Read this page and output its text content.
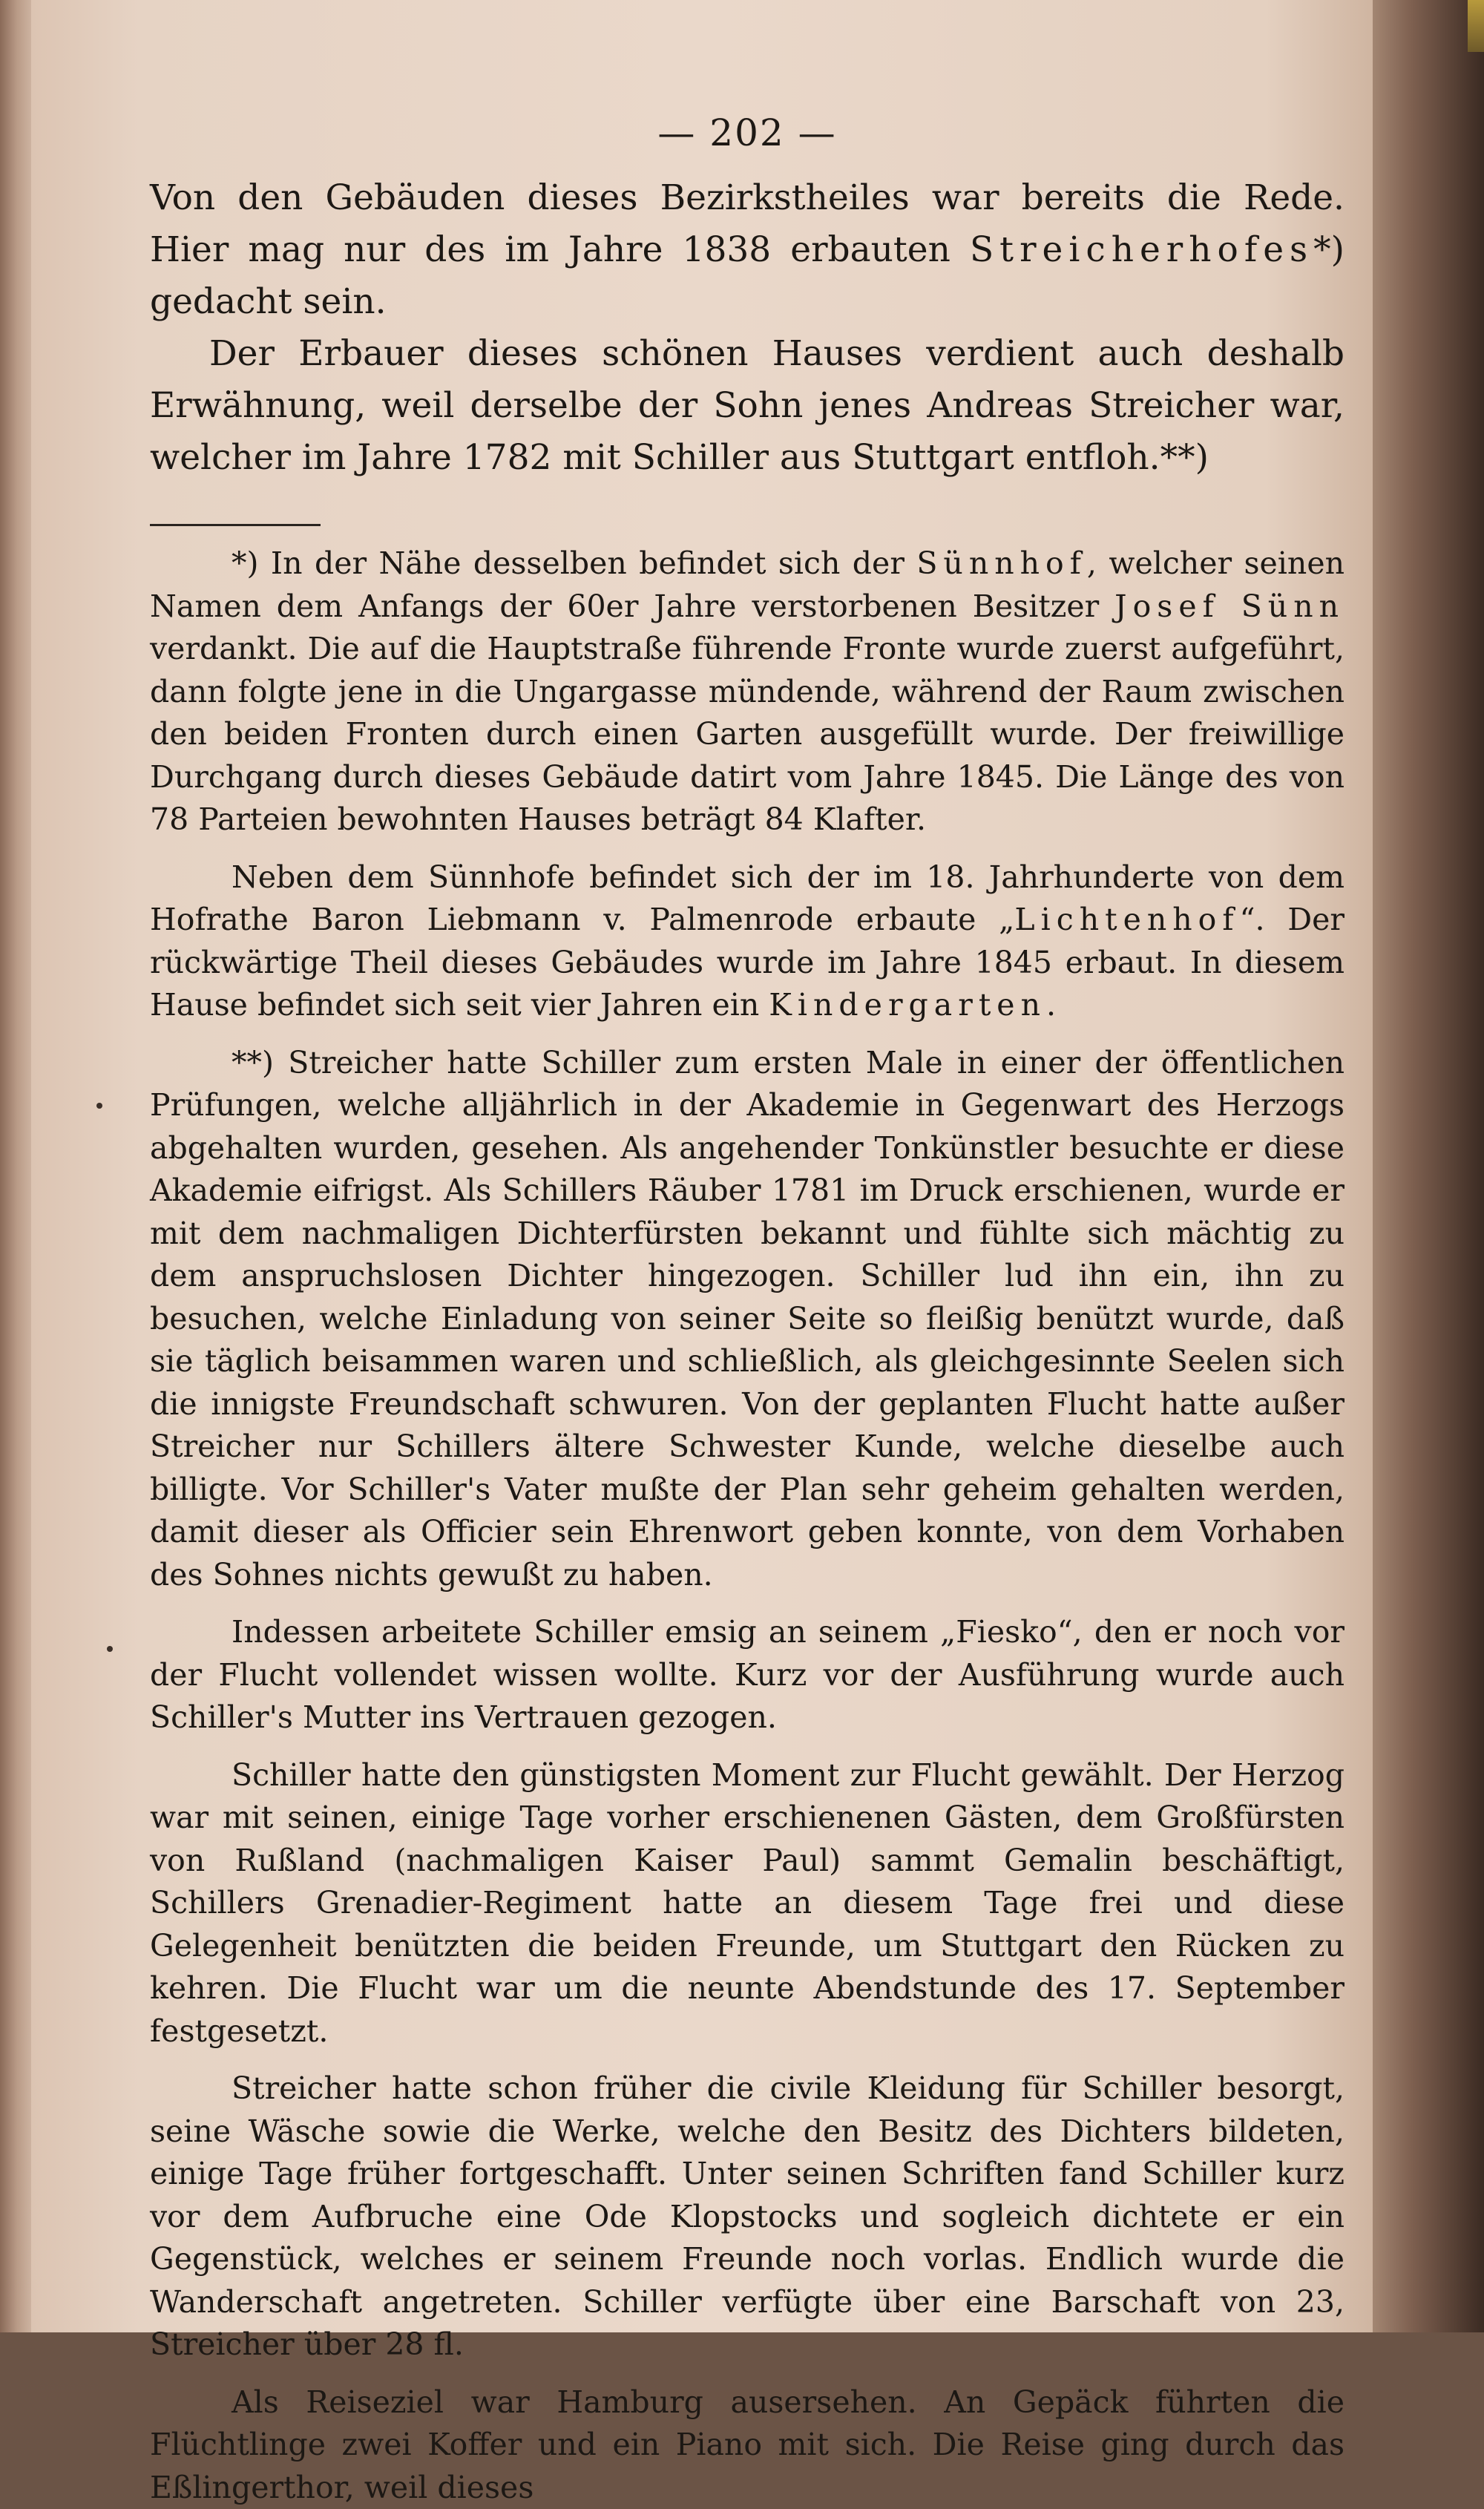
— 202 —

Von den Gebäuden dieses Bezirkstheiles war bereits die Rede. Hier mag nur des im Jahre 1838 erbauten Streicherhofes*) gedacht sein.

Der Erbauer dieses schönen Hauses verdient auch deshalb Erwähnung, weil derselbe der Sohn jenes Andreas Streicher war, welcher im Jahre 1782 mit Schiller aus Stuttgart entfloh.**)

*) In der Nähe desselben befindet sich der Sünnhof, welcher seinen Namen dem Anfangs der 60er Jahre verstorbenen Besitzer Josef Sünn verdankt. Die auf die Hauptstraße führende Fronte wurde zuerst aufgeführt, dann folgte jene in die Ungargasse mündende, während der Raum zwischen den beiden Fronten durch einen Garten ausgefüllt wurde. Der freiwillige Durchgang durch dieses Gebäude datirt vom Jahre 1845. Die Länge des von 78 Parteien bewohnten Hauses beträgt 84 Klafter.

Neben dem Sünnhofe befindet sich der im 18. Jahrhunderte von dem Hofrathe Baron Liebmann v. Palmenrode erbaute „Lichtenhof“. Der rückwärtige Theil dieses Gebäudes wurde im Jahre 1845 erbaut. In diesem Hause befindet sich seit vier Jahren ein Kindergarten.

**) Streicher hatte Schiller zum ersten Male in einer der öffentlichen Prüfungen, welche alljährlich in der Akademie in Gegenwart des Herzogs abgehalten wurden, gesehen. Als angehender Tonkünstler besuchte er diese Akademie eifrigst. Als Schillers Räuber 1781 im Druck erschienen, wurde er mit dem nachmaligen Dichterfürsten bekannt und fühlte sich mächtig zu dem anspruchslosen Dichter hingezogen. Schiller lud ihn ein, ihn zu besuchen, welche Einladung von seiner Seite so fleißig benützt wurde, daß sie täglich beisammen waren und schließlich, als gleichgesinnte Seelen sich die innigste Freundschaft schwuren. Von der geplanten Flucht hatte außer Streicher nur Schillers ältere Schwester Kunde, welche dieselbe auch billigte. Vor Schiller's Vater mußte der Plan sehr geheim gehalten werden, damit dieser als Officier sein Ehrenwort geben konnte, von dem Vorhaben des Sohnes nichts gewußt zu haben.

Indessen arbeitete Schiller emsig an seinem „Fiesko“, den er noch vor der Flucht vollendet wissen wollte. Kurz vor der Ausführung wurde auch Schiller's Mutter ins Vertrauen gezogen.

Schiller hatte den günstigsten Moment zur Flucht gewählt. Der Herzog war mit seinen, einige Tage vorher erschienenen Gästen, dem Großfürsten von Rußland (nachmaligen Kaiser Paul) sammt Gemalin beschäftigt, Schillers Grenadier-Regiment hatte an diesem Tage frei und diese Gelegenheit benützten die beiden Freunde, um Stuttgart den Rücken zu kehren. Die Flucht war um die neunte Abendstunde des 17. September festgesetzt.

Streicher hatte schon früher die civile Kleidung für Schiller besorgt, seine Wäsche sowie die Werke, welche den Besitz des Dichters bildeten, einige Tage früher fortgeschafft. Unter seinen Schriften fand Schiller kurz vor dem Aufbruche eine Ode Klopstocks und sogleich dichtete er ein Gegenstück, welches er seinem Freunde noch vorlas. Endlich wurde die Wanderschaft angetreten. Schiller verfügte über eine Barschaft von 23, Streicher über 28 fl.

Als Reiseziel war Hamburg ausersehen. An Gepäck führten die Flüchtlinge zwei Koffer und ein Piano mit sich. Die Reise ging durch das Eßlingerthor, weil dieses
